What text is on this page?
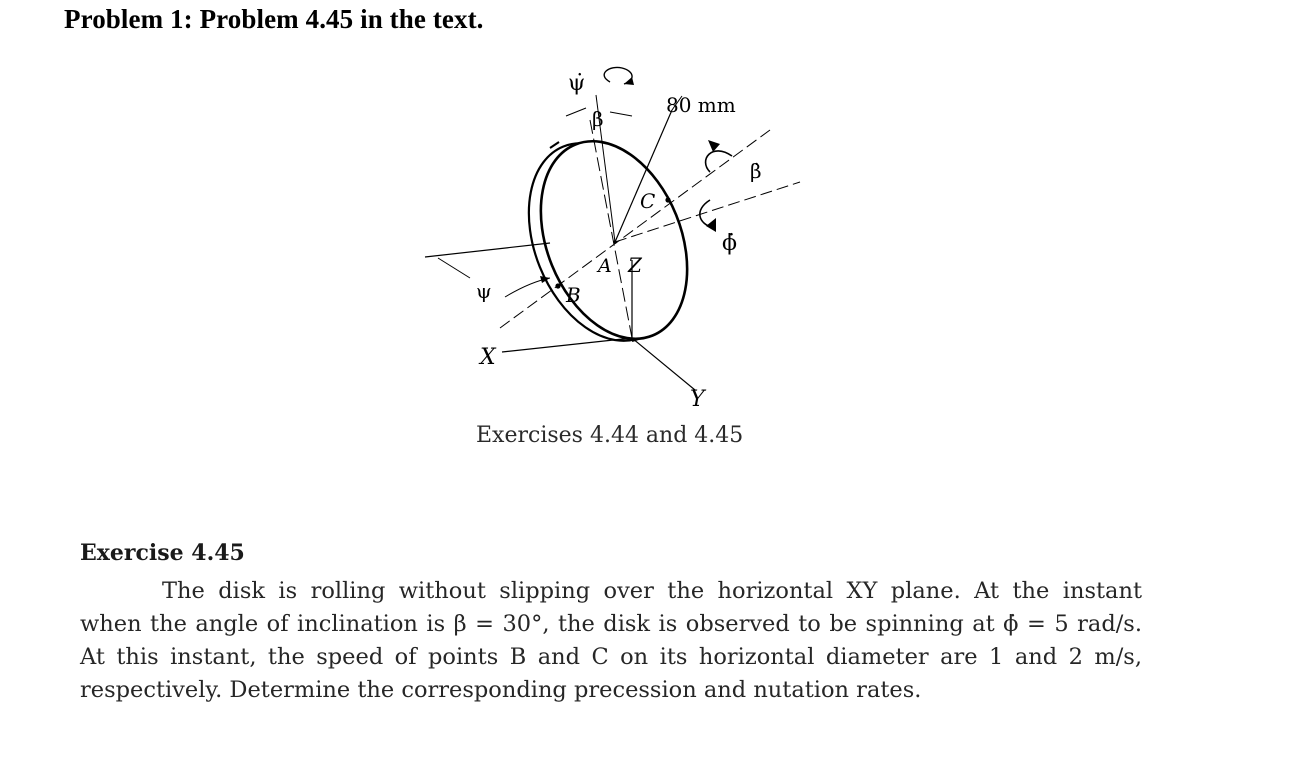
Problem 1: Problem 4.45 in the text.
ψ̇
β
80 mm
β̇
ϕ̇
C
A Z
ψ	B
X
Y
Exercises 4.44 and 4.45
Exercise 4.45
The disk is rolling without slipping over the horizontal XY plane. At the instant
when the angle of inclination is β = 30°, the disk is observed to be spinning at ϕ̇ = 5 rad/s.
At this instant, the speed of points B and C on its horizontal diameter are 1 and 2 m/s,
respectively. Determine the corresponding precession and nutation rates.
